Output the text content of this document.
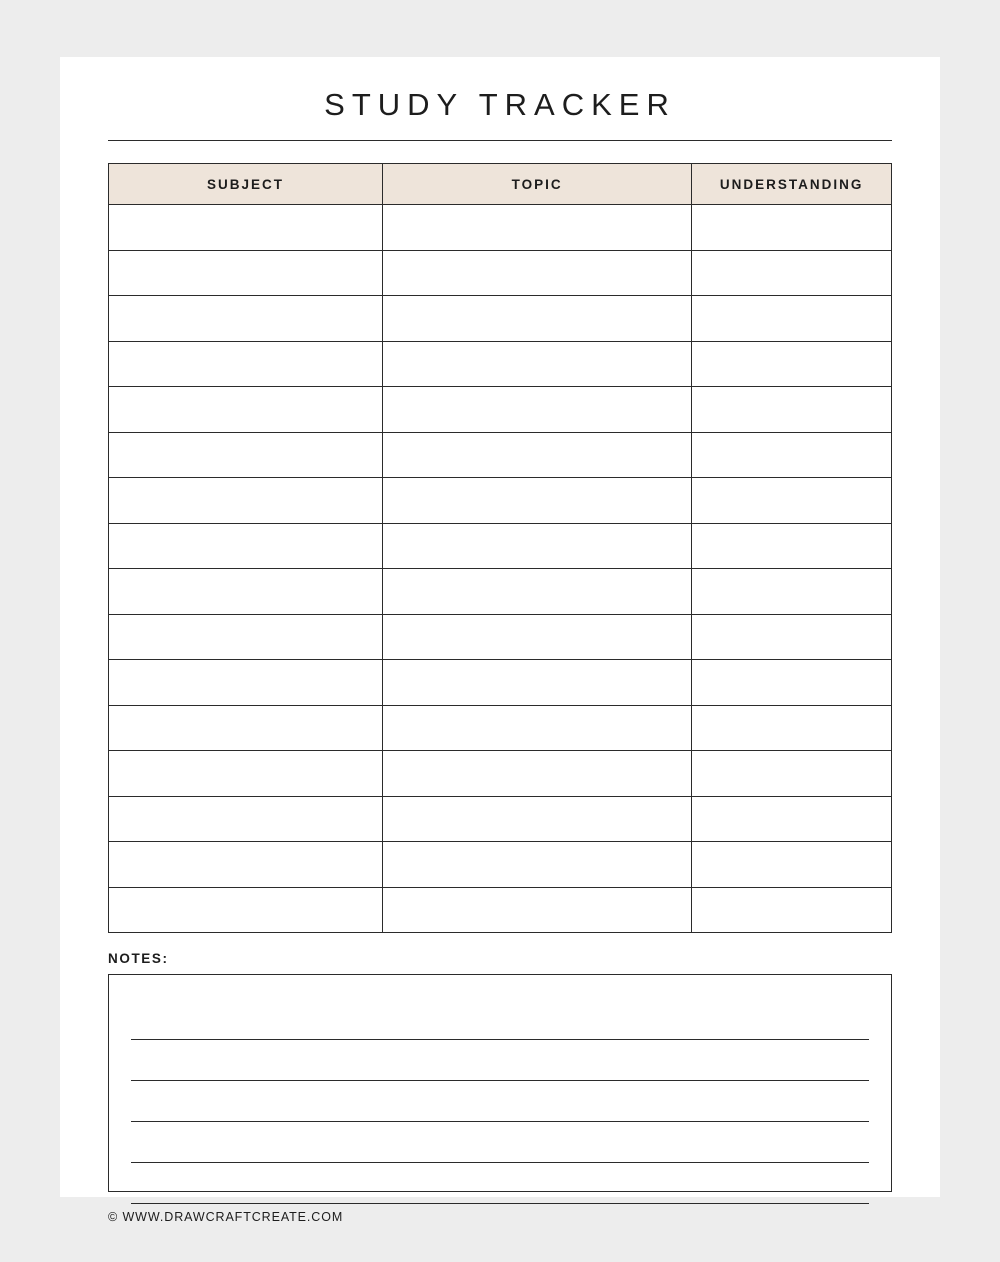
STUDY TRACKER
SUBJECT	TOPIC	UNDERSTANDING

NOTES:
© WWW.DRAWCRAFTCREATE.COM
